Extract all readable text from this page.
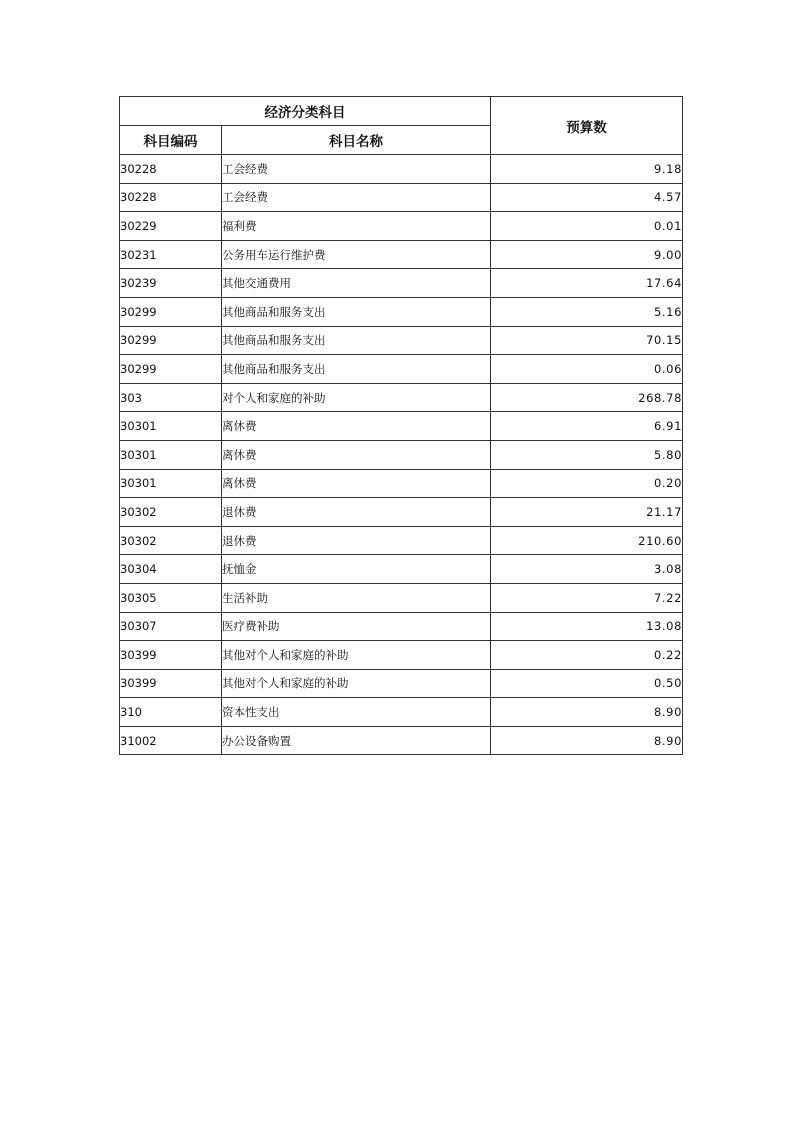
经济分类科目		预算数
科目编码	科目名称	
30228	工会经费	9.18
30228	工会经费	4.57
30229	福利费	0.01
30231	公务用车运行维护费	9.00
30239	其他交通费用	17.64
30299	其他商品和服务支出	5.16
30299	其他商品和服务支出	70.15
30299	其他商品和服务支出	0.06
303	对个人和家庭的补助	268.78
30301	离休费	6.91
30301	离休费	5.80
30301	离休费	0.20
30302	退休费	21.17
30302	退休费	210.60
30304	抚恤金	3.08
30305	生活补助	7.22
30307	医疗费补助	13.08
30399	其他对个人和家庭的补助	0.22
30399	其他对个人和家庭的补助	0.50
310	资本性支出	8.90
31002	办公设备购置	8.90
